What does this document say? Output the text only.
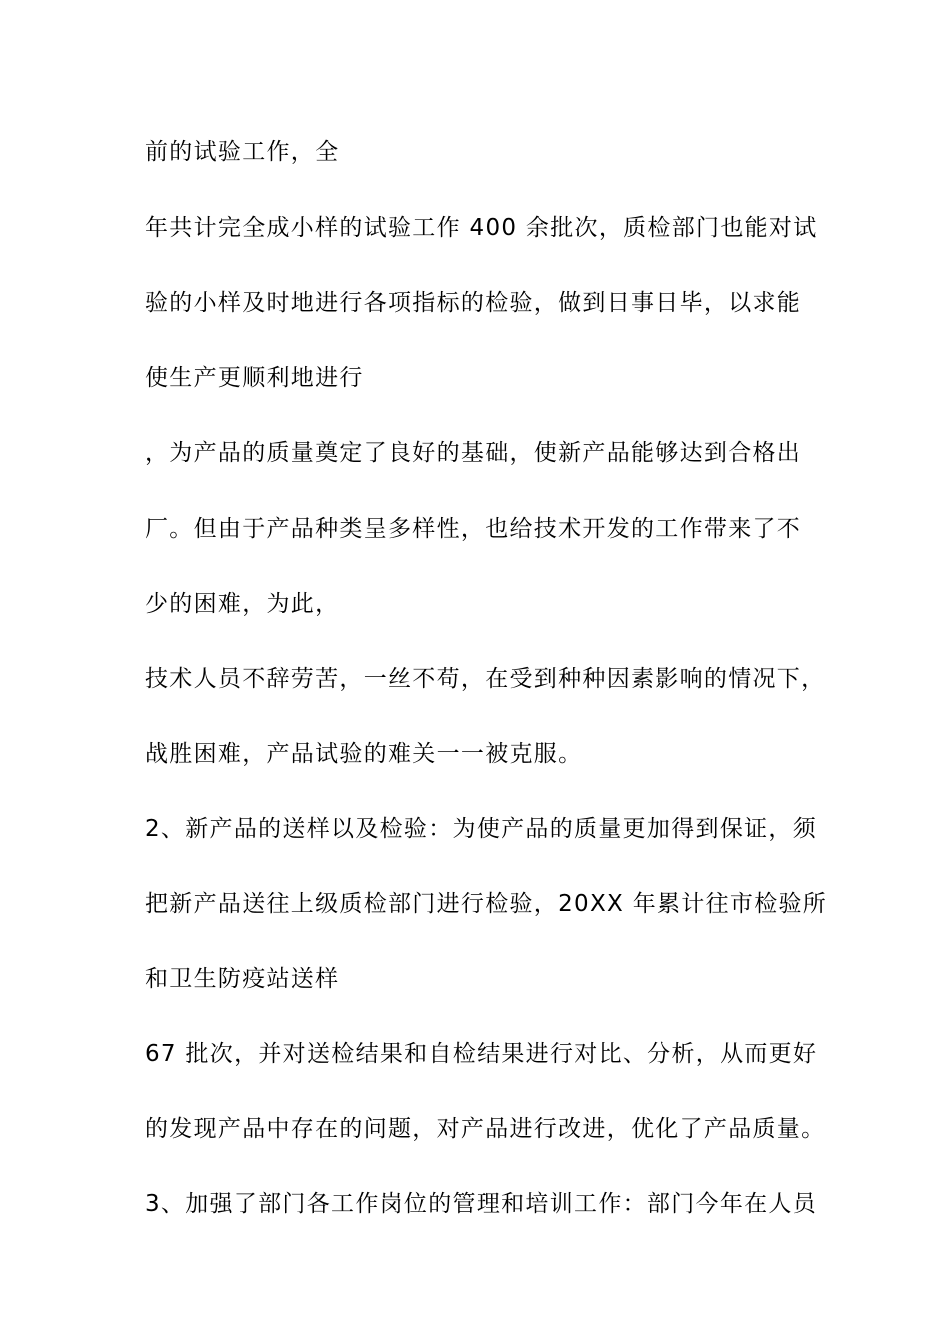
前的试验工作，全
年共计完全成小样的试验工作 400 余批次，质检部门也能对试
验的小样及时地进行各项指标的检验，做到日事日毕，以求能
使生产更顺利地进行
，为产品的质量奠定了良好的基础，使新产品能够达到合格出
厂。但由于产品种类呈多样性，也给技术开发的工作带来了不
少的困难，为此，
技术人员不辞劳苦，一丝不苟，在受到种种因素影响的情况下，
战胜困难，产品试验的难关一一被克服。
2、新产品的送样以及检验：为使产品的质量更加得到保证，须
把新产品送往上级质检部门进行检验，20XX 年累计往市检验所
和卫生防疫站送样
67 批次，并对送检结果和自检结果进行对比、分析，从而更好
的发现产品中存在的问题，对产品进行改进，优化了产品质量。
3、加强了部门各工作岗位的管理和培训工作：部门今年在人员
